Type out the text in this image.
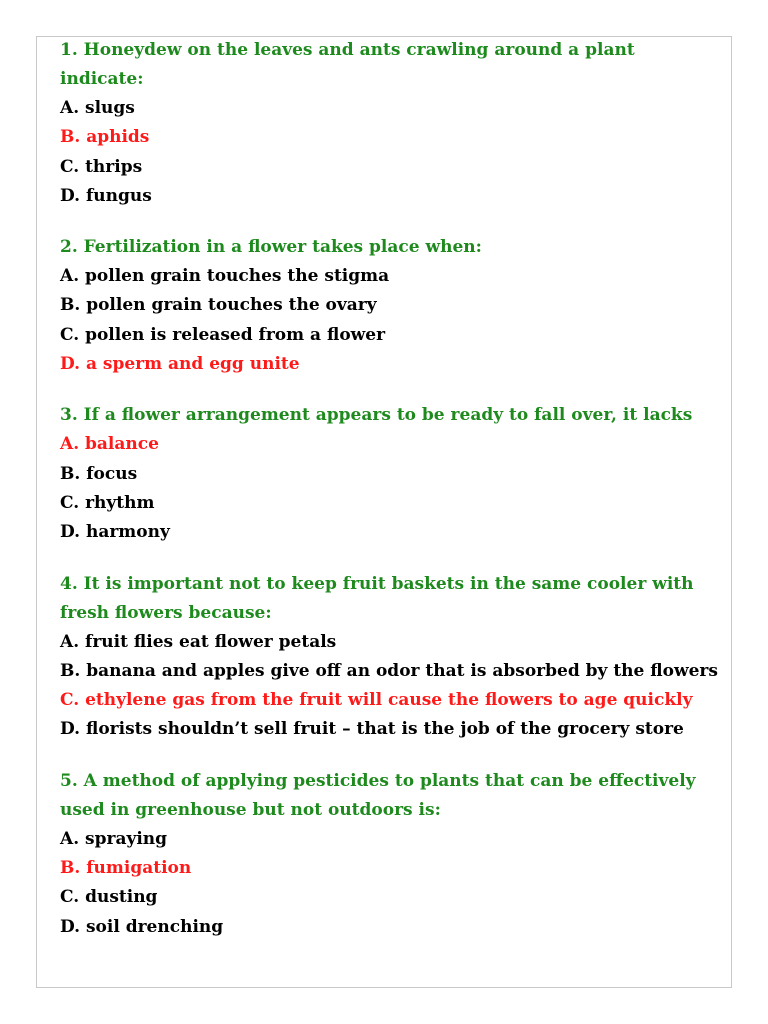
1. Honeydew on the leaves and ants crawling around a plant indicate:

A. slugs

B. aphids

C. thrips

D. fungus

2. Fertilization in a flower takes place when:

A. pollen grain touches the stigma

B. pollen grain touches the ovary

C. pollen is released from a flower

D. a sperm and egg unite

3. If a flower arrangement appears to be ready to fall over, it lacks

A. balance

B. focus

C. rhythm

D. harmony

4. It is important not to keep fruit baskets in the same cooler with fresh flowers because:

A. fruit flies eat flower petals

B. banana and apples give off an odor that is absorbed by the flowers

C. ethylene gas from the fruit will cause the flowers to age quickly

D. florists shouldn’t sell fruit – that is the job of the grocery store

5. A method of applying pesticides to plants that can be effectively used in greenhouse but not outdoors is:

A. spraying

B. fumigation

C. dusting

D. soil drenching
